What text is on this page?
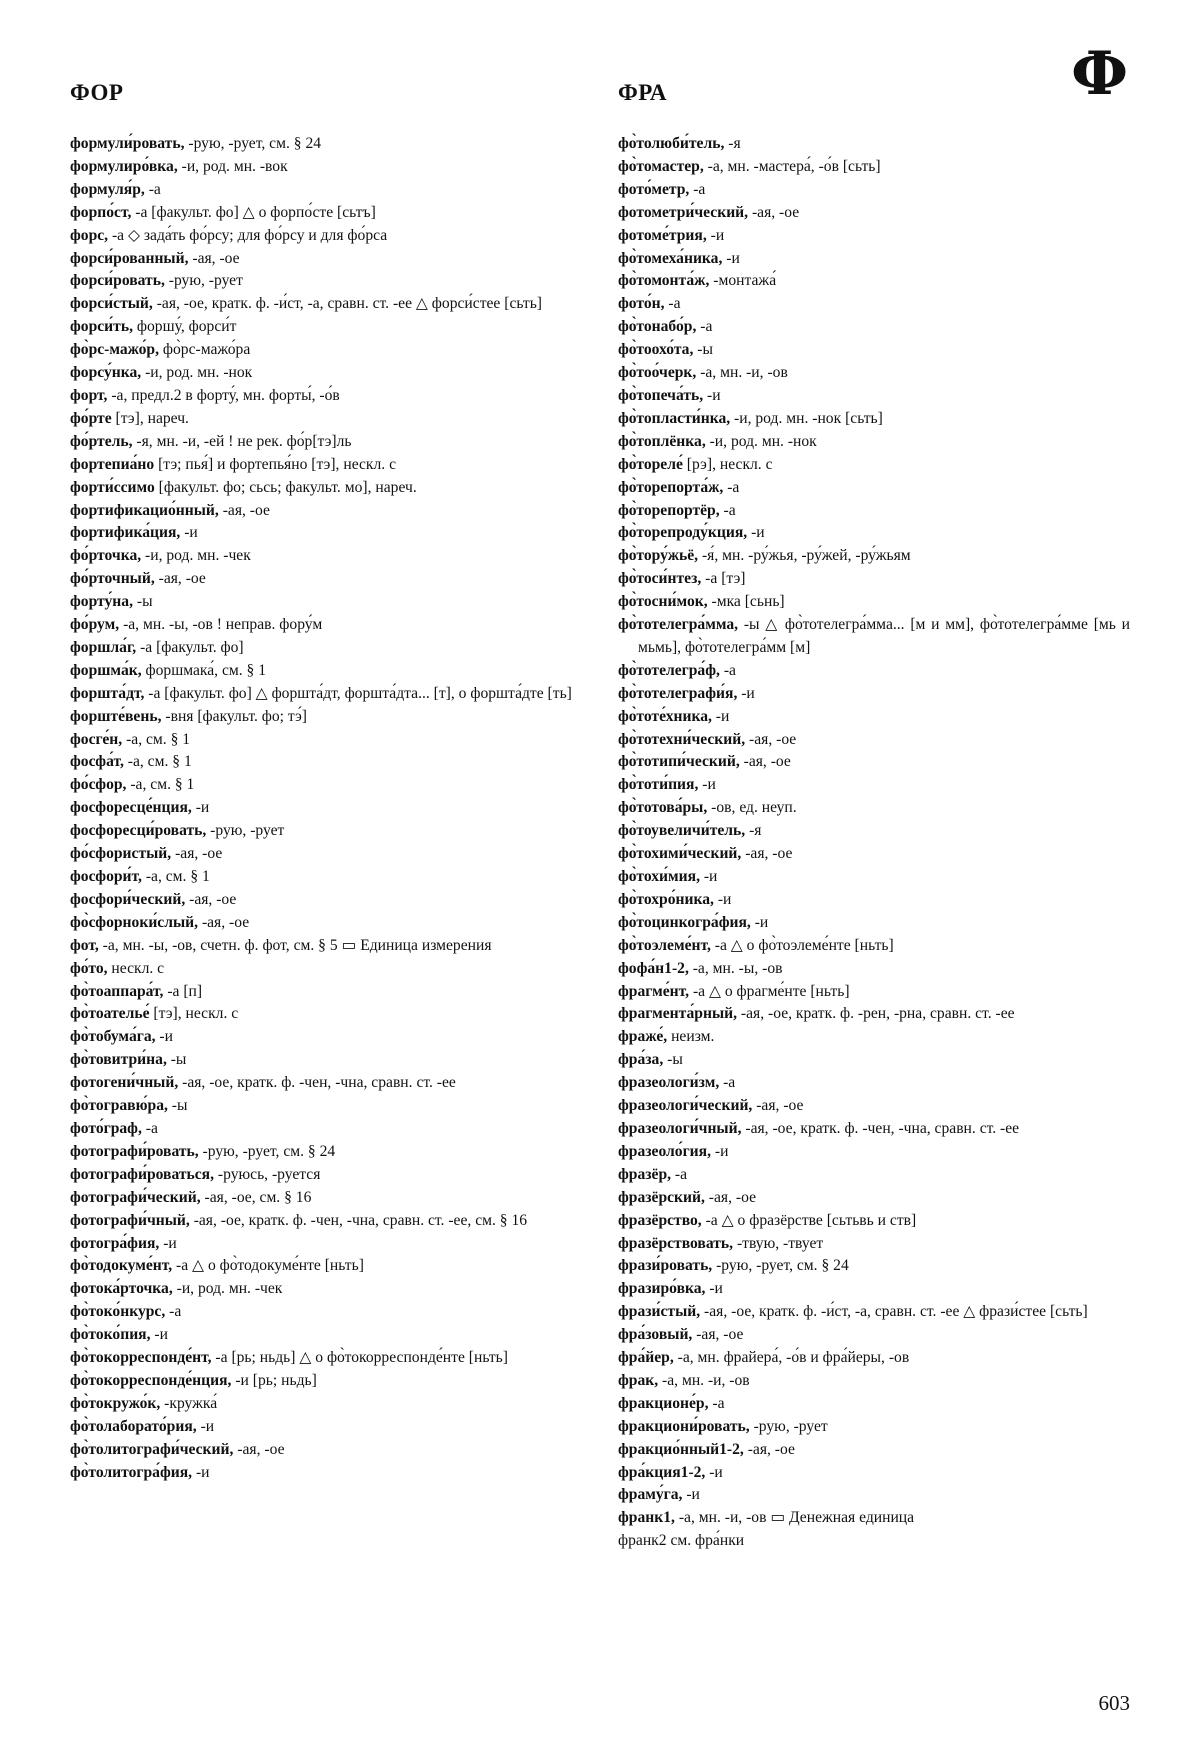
ФОР	ФРА	Ф

формули́ровать, -рую, -рует, см. § 24

формулиро́вка, -и, род. мн. -вок

формуля́р, -а

форпо́ст, -а [факульт. фо] △ о форпо́сте [сьтъ]

форс, -а ◇ зада́ть фо́рсу; для фо́рсу и для фо́рса

форси́рованный, -ая, -ое

форси́ровать, -рую, -рует

форси́стый, -ая, -ое, кратк. ф. -и́ст, -а, сравн. ст. -ее △ форси́стее [сьть]

форси́ть, форшу́, форси́т

фо̀рс-мажо́р, фо̀рс-мажо́ра

форсу́нка, -и, род. мн. -нок

форт, -а, предл.2 в форту́, мн. форты́, -о́в

фо́рте [тэ], нареч.

фо́ртель, -я, мн. -и, -ей ! не рек. фо́р[тэ]ль

фортепиа́но [тэ; пья́] и фортепья́но [тэ], нескл. с

форти́ссимо [факульт. фо; сьсь; факульт. мо], нареч.

фортификацио́нный, -ая, -ое

фортифика́ция, -и

фо́рточка, -и, род. мн. -чек

фо́рточный, -ая, -ое

форту́на, -ы

фо́рум, -а, мн. -ы, -ов ! неправ. фору́м

форшла́г, -а [факульт. фо]

форшма́к, форшмака́, см. § 1

форшта́дт, -а [факульт. фо] △ форшта́дт, форшта́дта... [т], о форшта́дте [ть]

форште́вень, -вня [факульт. фо; тэ́]

фосге́н, -а, см. § 1

фосфа́т, -а, см. § 1

фо́сфор, -а, см. § 1

фосфоресце́нция, -и

фосфоресци́ровать, -рую, -рует

фо́сфористый, -ая, -ое

фосфори́т, -а, см. § 1

фосфори́ческий, -ая, -ое

фо̀сфорноки́слый, -ая, -ое

фот, -а, мн. -ы, -ов, счетн. ф. фот, см. § 5 ▭ Единица измерения

фо́то, нескл. с

фо̀тоаппара́т, -а [п]

фо̀тоателье́ [тэ], нескл. с

фо̀тобума́га, -и

фо̀товитри́на, -ы

фотогени́чный, -ая, -ое, кратк. ф. -чен, -чна, сравн. ст. -ее

фо̀тогравю́ра, -ы

фото́граф, -а

фотографи́ровать, -рую, -рует, см. § 24

фотографи́роваться, -руюсь, -руется

фотографи́ческий, -ая, -ое, см. § 16

фотографи́чный, -ая, -ое, кратк. ф. -чен, -чна, сравн. ст. -ее, см. § 16

фотогра́фия, -и

фо̀тодокуме́нт, -а △ о фо̀тодокуме́нте [ньть]

фотока́рточка, -и, род. мн. -чек

фо̀токо́нкурс, -а

фо̀токо́пия, -и

фо̀токорреспонде́нт, -а [рь; ньдь] △ о фо̀токорреспонде́нте [ньть]

фо̀токорреспонде́нция, -и [рь; ньдь]

фо̀токружо́к, -кружка́

фо̀толаборато́рия, -и

фо̀толитографи́ческий, -ая, -ое

фо̀толитогра́фия, -и

фо̀толюби́тель, -я

фо̀томастер, -а, мн. -мастера́, -о́в [сьть]

фото́метр, -а

фотометри́ческий, -ая, -ое

фотоме́трия, -и

фо̀томеха́ника, -и

фо̀томонта́ж, -монтажа́

фото́н, -а

фо̀тонабо́р, -а

фо̀тоохо́та, -ы

фо̀тоо́черк, -а, мн. -и, -ов

фо̀топеча́ть, -и

фо̀топласти́нка, -и, род. мн. -нок [сьть]

фо̀топлёнка, -и, род. мн. -нок

фо̀тореле́ [рэ], нескл. с

фо̀торепорта́ж, -а

фо̀торепортёр, -а

фо̀торепроду́кция, -и

фо̀тору́жьё, -я́, мн. -ру́жья, -ру́жей, -ру́жьям

фо̀тоси́нтез, -а [тэ]

фо̀тосни́мок, -мка [сьнь]

фо̀тотелегра́мма, -ы △ фо̀тотелегра́мма... [м и мм], фо̀тотелегра́мме [мь и мьмь], фо̀тотелегра́мм [м]

фо̀тотелегра́ф, -а

фо̀тотелеграфи́я, -и

фо̀тоте́хника, -и

фо̀тотехни́ческий, -ая, -ое

фо̀тотипи́ческий, -ая, -ое

фо̀тоти́пия, -и

фо̀тотова́ры, -ов, ед. неуп.

фо̀тоувеличи́тель, -я

фо̀тохими́ческий, -ая, -ое

фо̀тохи́мия, -и

фо̀тохро́ника, -и

фо̀тоцинкогра́фия, -и

фо̀тоэлеме́нт, -а △ о фо̀тоэлеме́нте [ньть]

фофа́н1-2, -а, мн. -ы, -ов

фрагме́нт, -а △ о фрагме́нте [ньть]

фрагмента́рный, -ая, -ое, кратк. ф. -рен, -рна, сравн. ст. -ее

фраже́, неизм.

фра́за, -ы

фразеологи́зм, -а

фразеологи́ческий, -ая, -ое

фразеологи́чный, -ая, -ое, кратк. ф. -чен, -чна, сравн. ст. -ее

фразеоло́гия, -и

фразёр, -а

фразёрский, -ая, -ое

фразёрство, -а △ о фразёрстве [сьтьвь и ств]

фразёрствовать, -твую, -твует

фрази́ровать, -рую, -рует, см. § 24

фразиро́вка, -и

фрази́стый, -ая, -ое, кратк. ф. -и́ст, -а, сравн. ст. -ее △ фрази́стее [сьть]

фра́зовый, -ая, -ое

фра́йер, -а, мн. фрайера́, -о́в и фра́йеры, -ов

фрак, -а, мн. -и, -ов

фракционе́р, -а

фракциони́ровать, -рую, -рует

фракцио́нный1-2, -ая, -ое

фра́кция1-2, -и

фраму́га, -и

франк1, -а, мн. -и, -ов ▭ Денежная единица

франк2 см. фра́нки

603
